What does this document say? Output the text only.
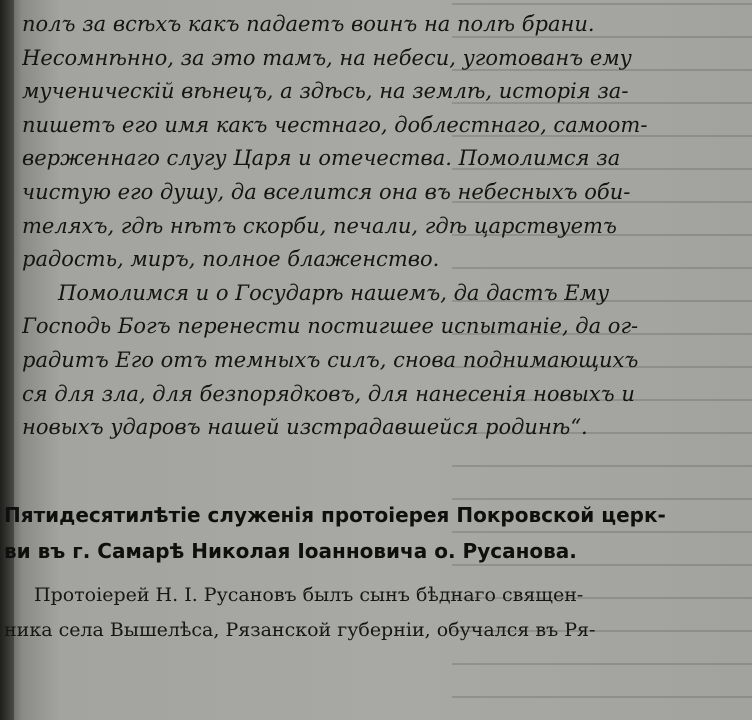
полъ за всѣхъ какъ падаетъ воинъ на полѣ брани.
Несомнѣнно, за это тамъ, на небеси, уготованъ ему
мученическій вѣнецъ, а здѣсь, на землѣ, исторія за-
пишетъ его имя какъ честнаго, доблестнаго, самоот-
верженнаго слугу Царя и отечества. Помолимся за
чистую его душу, да вселится она въ небесныхъ оби-
теляхъ, гдѣ нѣтъ скорби, печали, гдѣ царствуетъ
радость, миръ, полное блаженство.
Помолимся и о Государѣ нашемъ, да дастъ Ему
Господь Богъ перенести постигшее испытаніе, да ог-
радитъ Его отъ темныхъ силъ, снова поднимающихъ
ся для зла, для безпорядковъ, для нанесенія новыхъ и
новыхъ ударовъ нашей изстрадавшейся родинѣ“.
Пятидесятилѣтіе служенія протоіерея Покровской церк-
ви въ г. Самарѣ Николая Іоанновича о. Русанова.
Протоіерей Н. І. Русановъ былъ сынъ бѣднаго священ-
ника села Вышелѣса, Рязанской губерніи, обучался въ Ря-
